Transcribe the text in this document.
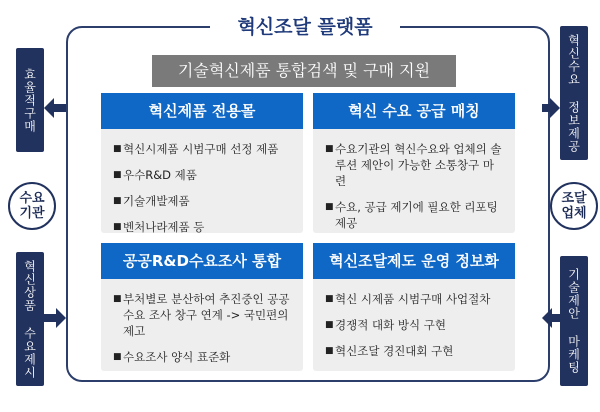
혁신조달 플랫폼
기술혁신제품 통합검색 및 구매 지원
혁신제품 전용몰
■ 혁신시제품 시범구매 선정 제품
■ 우수R&D 제품
■ 기술개발제품
■ 벤처나라제품 등
혁신 수요 공급 매칭
■ 수요기관의 혁신수요와 업체의 솔루션 제안이 가능한 소통창구 마련
■ 수요, 공급 제기에 필요한 리포팅 제공
공공R&D수요조사 통합
■ 부처별로 분산하여 추진중인 공공수요 조사 창구 연계 -> 국민편의 제고
■ 수요조사 양식 표준화
혁신조달제도 운영 정보화
■ 혁신 시제품 시범구매 사업절차
■ 경쟁적 대화 방식 구현
■ 혁신조달 경진대회 구현
효율적구매
수요
기관
혁신상품 수요제시
혁신수요 정보제공
조달
업체
기술제안 마케팅
